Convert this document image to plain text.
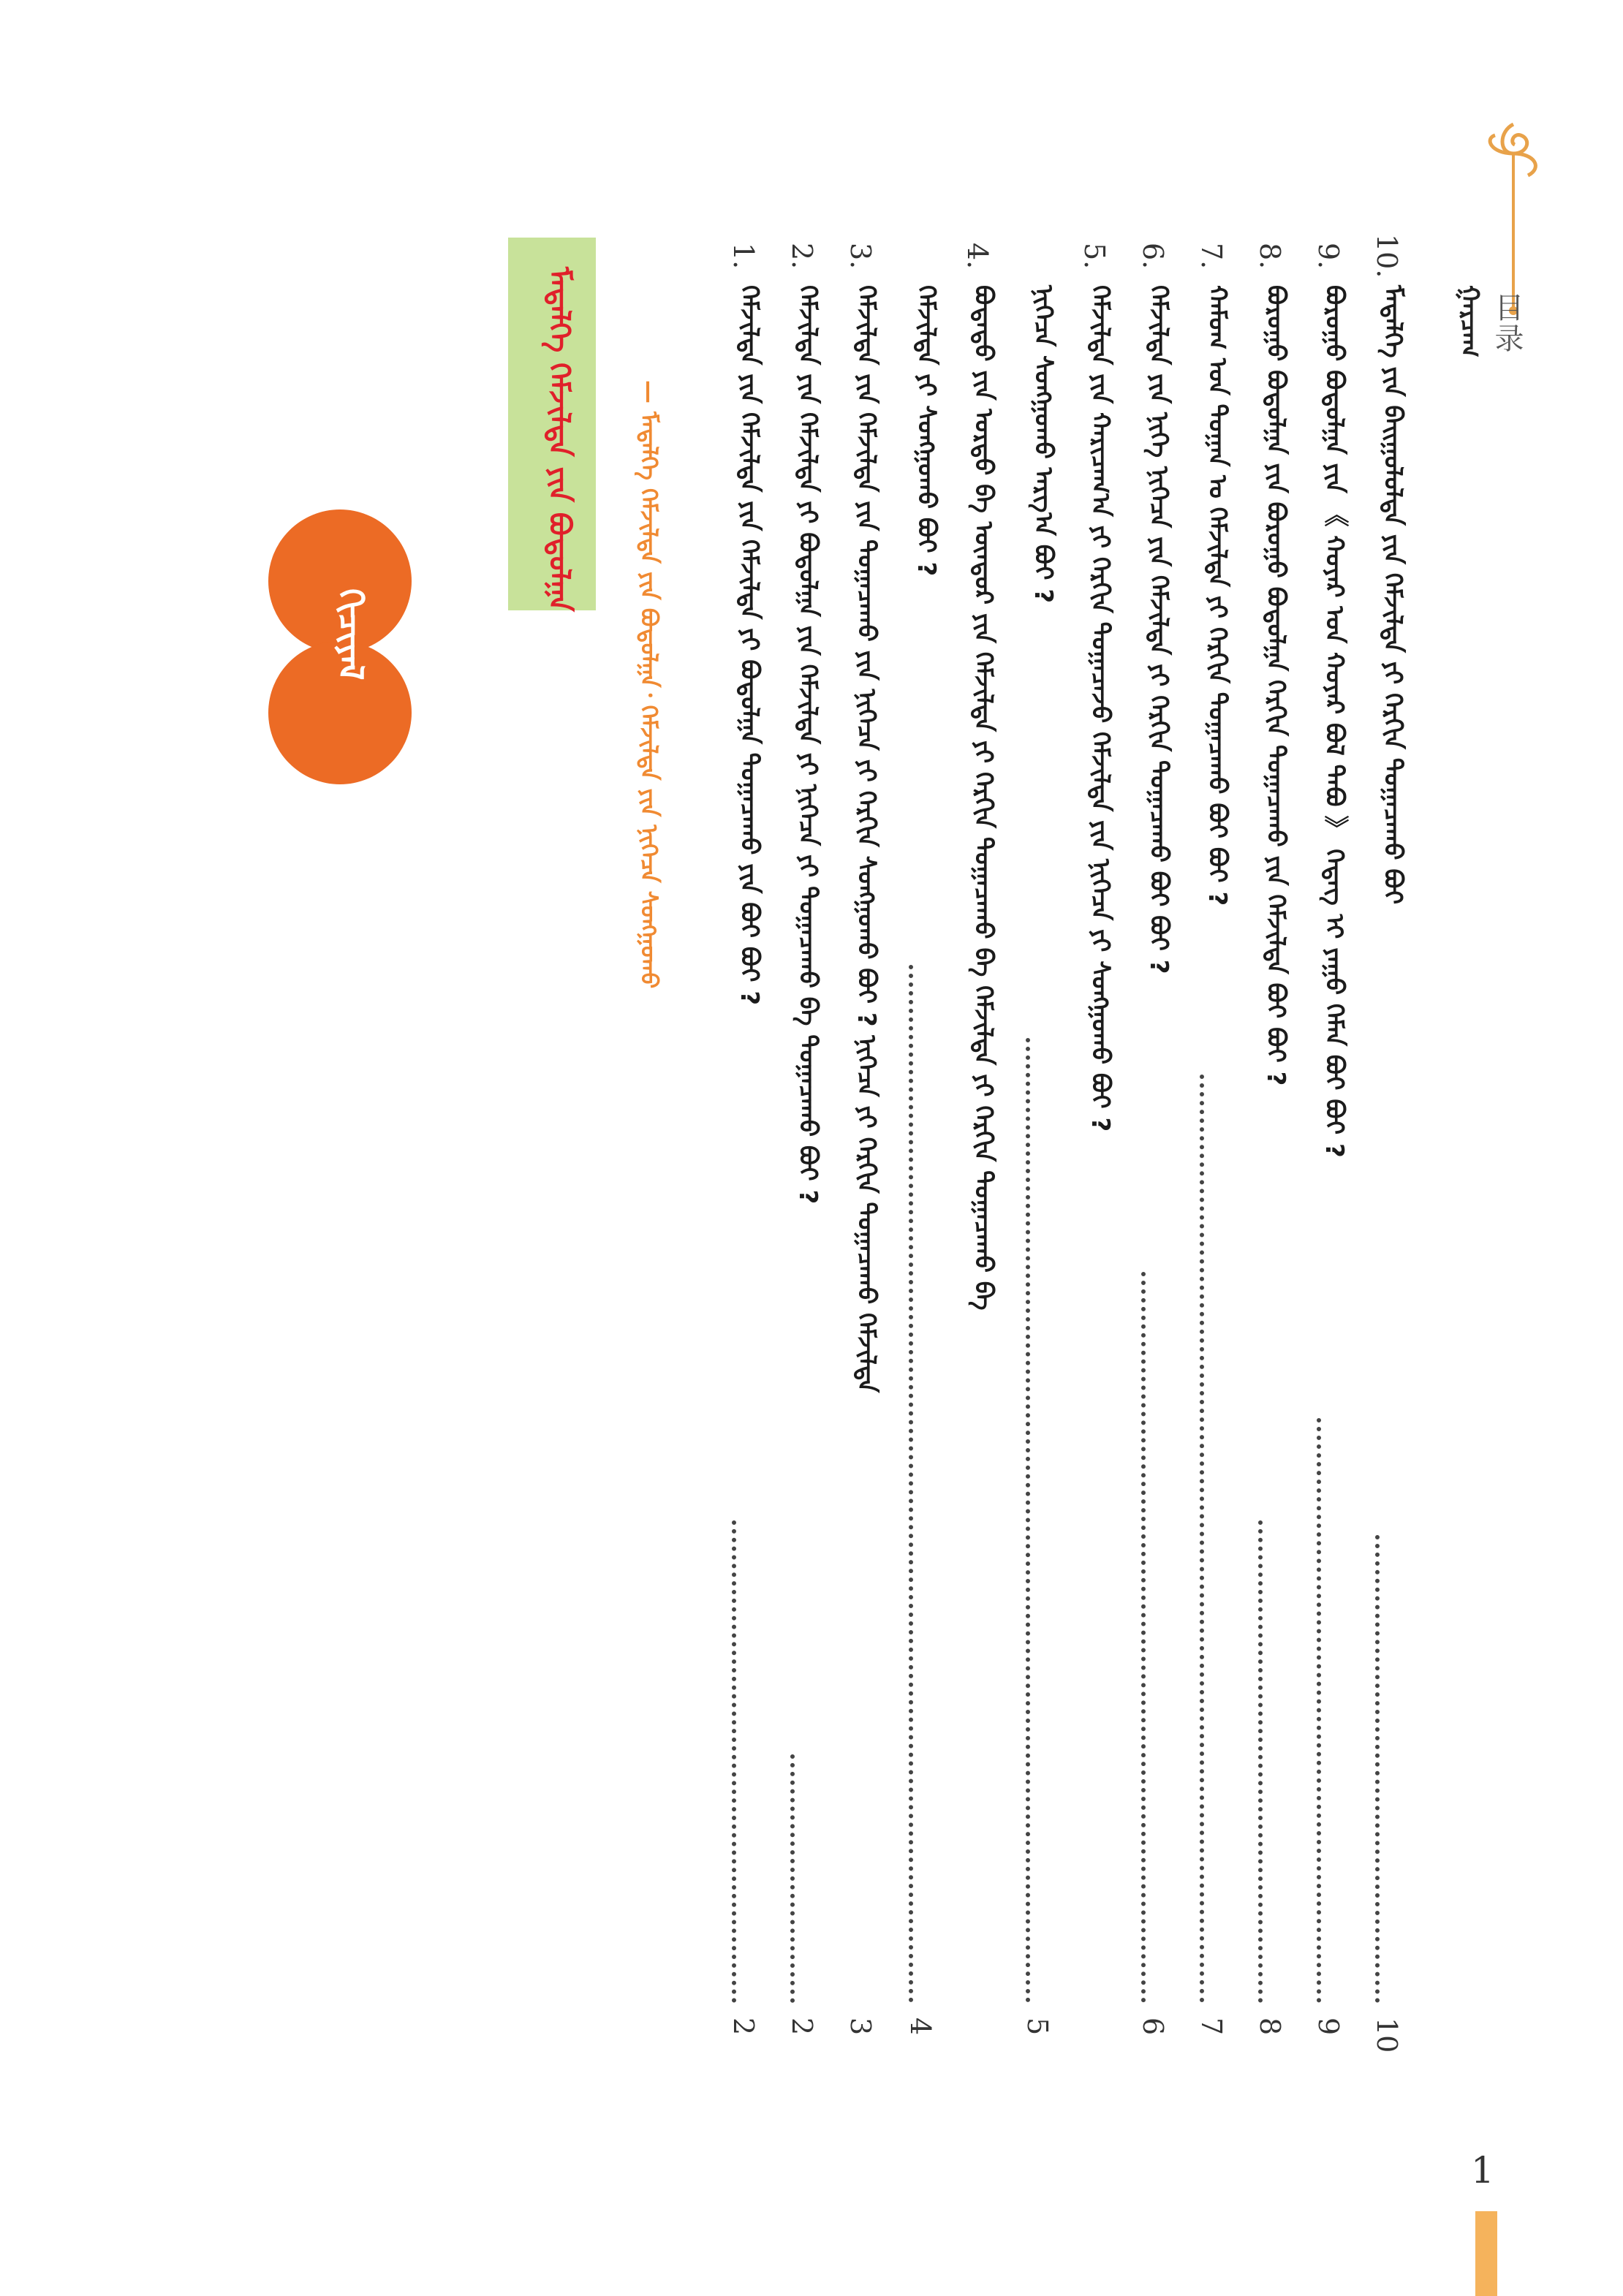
目录
ᠭᠠᠷᠴᠠᠭ
1
10.
ᠮᠡᠳᠡᠯᠭᠡ ᠶᠢᠨ ᠪᠠᠢᠭᠤᠯᠤᠯᠳᠠ ᠶᠢᠨ ᠬᠡᠮᠵᠢᠯᠳᠡ ᠶᠢ ᠬᠡᠷᠬᠢᠨ ᠲᠣᠭᠠᠴᠠᠬᠤ ᠪᠤᠢ
10
9.
ᠪᠤᠷᠤᠭᠤ ᠪᠤᠳᠤᠯᠭᠠ ᠶᠢᠨ 《 ᠬᠣᠶᠠᠷ ᠤᠨ ᠬᠣᠶᠠᠷ ᠪᠣᠯ ᠲᠠᠪᠤ 》 ᠭᠡᠳᠡᠭ ᠢ ᠶᠠᠭᠤ ᠬᠡᠮᠡᠨ ᠪᠤᠢ ᠪᠤᠢ ?
9
8.
ᠪᠤᠷᠤᠭᠤ ᠪᠤᠳᠤᠯᠭᠠ ᠶᠢᠨ ᠪᠤᠷᠤᠭᠤ ᠪᠤᠳᠤᠯᠭᠠ ᠬᠡᠷᠬᠢᠨ ᠲᠣᠭᠠᠴᠠᠬᠤ ᠶᠢᠨ ᠬᠡᠮᠵᠢᠯᠳᠡ ᠪᠤᠢ ᠪᠤᠢ ?
8
7.
ᠬᠠᠮᠤᠭ ᠤᠨ ᠲᠣᠭᠠᠨ ᠤ ᠬᠡᠮᠵᠢᠯᠳᠡ ᠶᠢ ᠬᠡᠷᠬᠢᠨ ᠲᠣᠭᠠᠴᠠᠬᠤ ᠪᠤᠢ ᠪᠤᠢ ?
7
6.
ᠬᠡᠮᠵᠢᠯᠳᠡ ᠶᠢᠨ ᠨᠢᠭᠡ ᠨᠢᠭᠡᠴᠡ ᠶᠢᠨ ᠬᠡᠮᠵᠢᠯᠳᠡ ᠶᠢ ᠬᠡᠷᠬᠢᠨ ᠲᠣᠭᠠᠴᠠᠬᠤ ᠪᠤᠢ ᠪᠤᠢ ?
6
5.
ᠬᠡᠮᠵᠢᠯᠳᠡ ᠶᠢᠨ ᠬᠠᠷᠢᠴᠠᠭ᠎ᠠ ᠶᠢ ᠬᠡᠷᠬᠢᠨ ᠲᠣᠭᠠᠴᠠᠵᠤ ᠬᠡᠮᠵᠢᠯᠳᠡ ᠶᠢᠨ ᠨᠢᠭᠡᠴᠡ ᠶᠢ ᠰᠣᠩᠭᠤᠬᠤ ᠪᠤᠢ ?
ᠨᠢᠭᠡᠴᠡ ᠰᠣᠩᠭᠤᠬᠤ ᠠᠷᠭ᠎ᠠ ᠪᠤᠢ ?
5
4.
ᠪᠣᠳᠠᠲᠤ ᠶᠢᠨ ᠤᠷᠳᠤ ᠪᠠ ᠥᠨᠳᠥᠷ ᠶᠢᠨ ᠬᠡᠮᠵᠢᠯᠳᠡ ᠶᠢ ᠬᠡᠷᠬᠢᠨ ᠲᠣᠭᠠᠴᠠᠬᠤ ᠪᠠ ᠬᠡᠮᠵᠢᠯᠳᠡ ᠶᠢ ᠬᠡᠷᠬᠢᠨ ᠲᠣᠭᠠᠴᠠᠬᠤ ᠪᠠ
ᠬᠡᠮᠵᠢᠯᠳᠡ ᠶᠢ ᠰᠣᠩᠭᠤᠬᠤ ᠪᠤᠢ ?
4
3.
ᠬᠡᠮᠵᠢᠯᠳᠡ ᠶᠢᠨ ᠬᠡᠮᠵᠢᠯᠳᠡ ᠶᠢᠨ ᠲᠣᠭᠠᠴᠠᠬᠤ ᠶᠢᠨ ᠨᠢᠭᠡᠴᠡ ᠶᠢ ᠬᠡᠷᠬᠢᠨ ᠰᠣᠩᠭᠤᠬᠤ ᠪᠤᠢ ? ᠨᠢᠭᠡᠴᠡ ᠶᠢ ᠬᠡᠷᠬᠢᠨ ᠲᠣᠭᠠᠴᠠᠬᠤ ᠬᠡᠮᠵᠢᠯᠳᠡ
3
2.
ᠬᠡᠮᠵᠢᠯᠳᠡ ᠶᠢᠨ ᠬᠡᠮᠵᠢᠯᠳᠡ ᠶᠢ ᠪᠤᠳᠤᠯᠭᠠ ᠶᠢᠨ ᠬᠡᠮᠵᠢᠯᠳᠡ ᠶᠢ ᠨᠢᠭᠡᠴᠡ ᠶᠢ ᠲᠣᠭᠠᠴᠠᠬᠤ ᠪᠠ ᠲᠣᠭᠠᠴᠠᠬᠤ ᠪᠤᠢ ?
2
1.
ᠬᠡᠮᠵᠢᠯᠳᠡ ᠶᠢᠨ ᠬᠡᠮᠵᠢᠯᠳᠡ ᠶᠢᠨ ᠬᠡᠮᠵᠢᠯᠳᠡ ᠶᠢ ᠪᠤᠳᠤᠯᠭᠠ ᠲᠣᠭᠠᠴᠠᠬᠤ ᠶᠢᠨ ᠪᠤᠢ ᠪᠤᠢ ?
2
— ᠮᠡᠳᠡᠯᠭᠡ ᠬᠡᠮᠵᠢᠯᠳᠡ ᠶᠢᠨ ᠪᠤᠳᠤᠯᠭᠠ᠂ ᠬᠡᠮᠵᠢᠯᠳᠡ ᠶᠢᠨ ᠨᠢᠭᠡᠴᠡ ᠰᠣᠩᠭᠤᠬᠤ
ᠮᠡᠳᠡᠯᠭᠡ ᠬᠡᠮᠵᠢᠯᠳᠡ ᠶᠢᠨ ᠪᠤᠳᠤᠯᠭᠠ
ᠬᠢᠴᠢᠶᠡᠯ
